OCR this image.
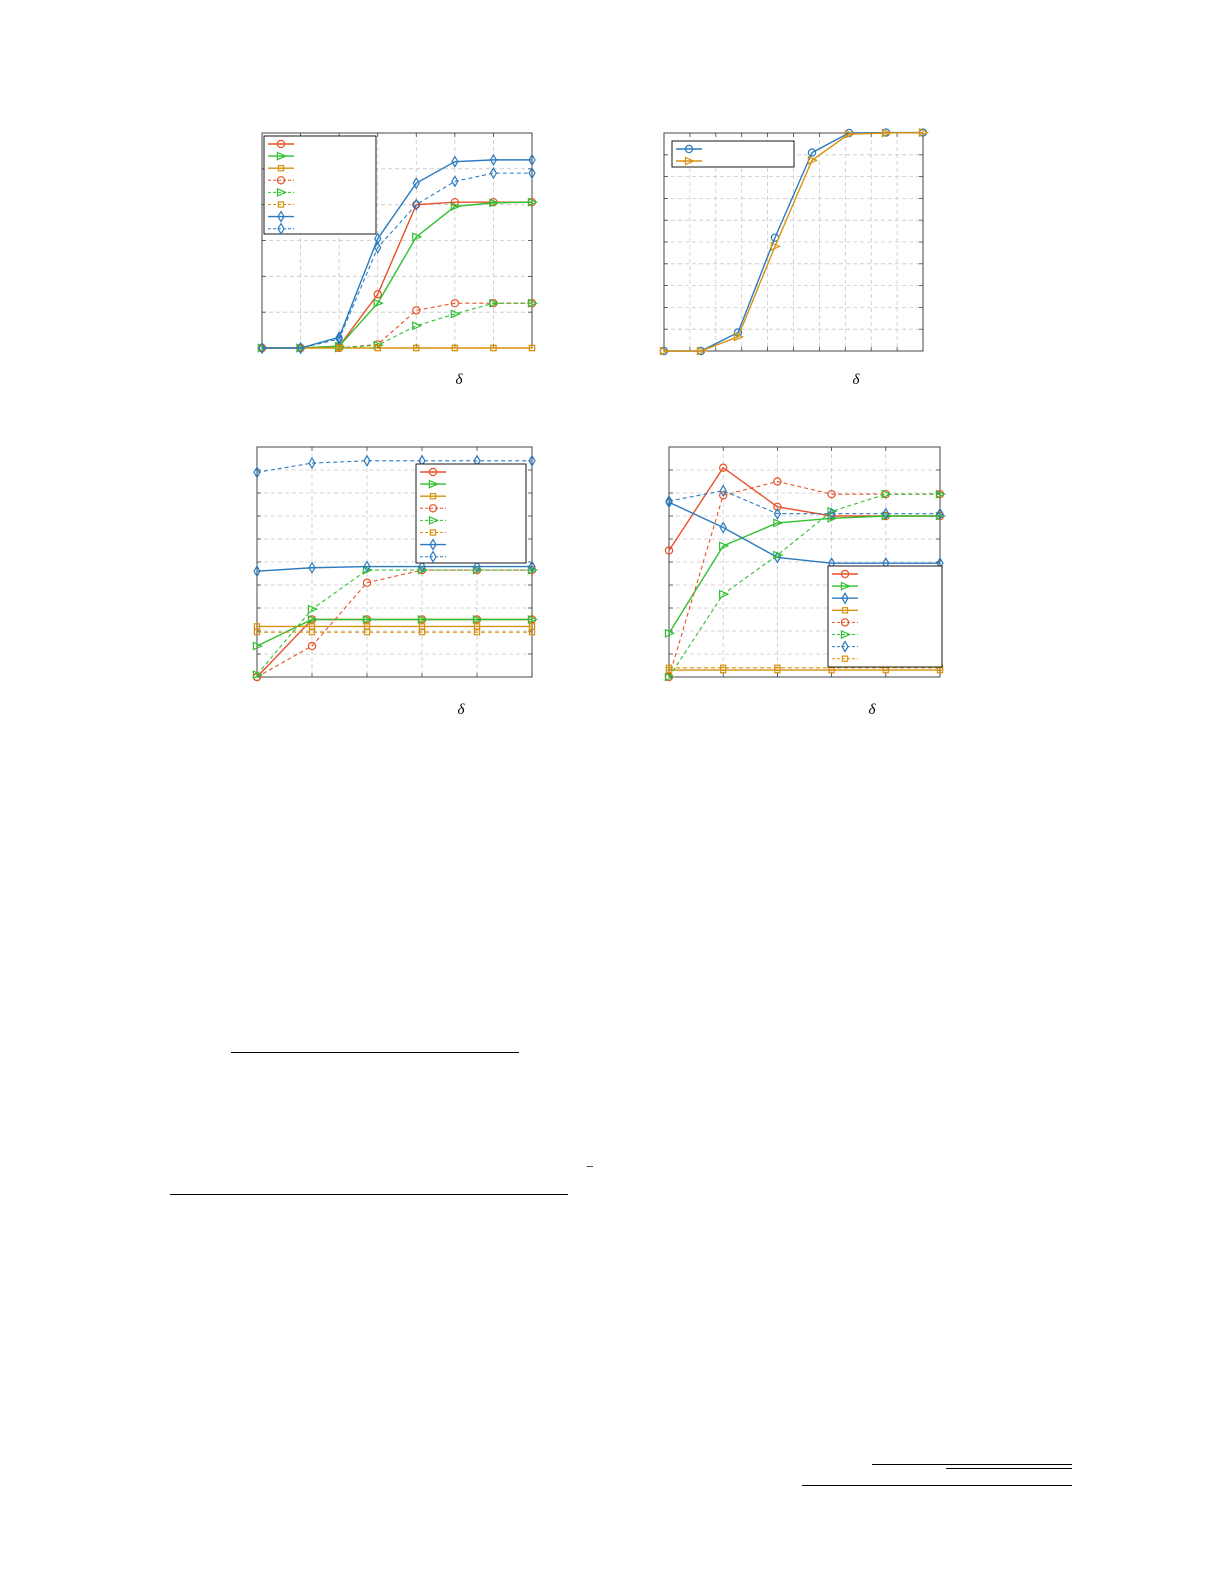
δ	δ
δ	δ
−
